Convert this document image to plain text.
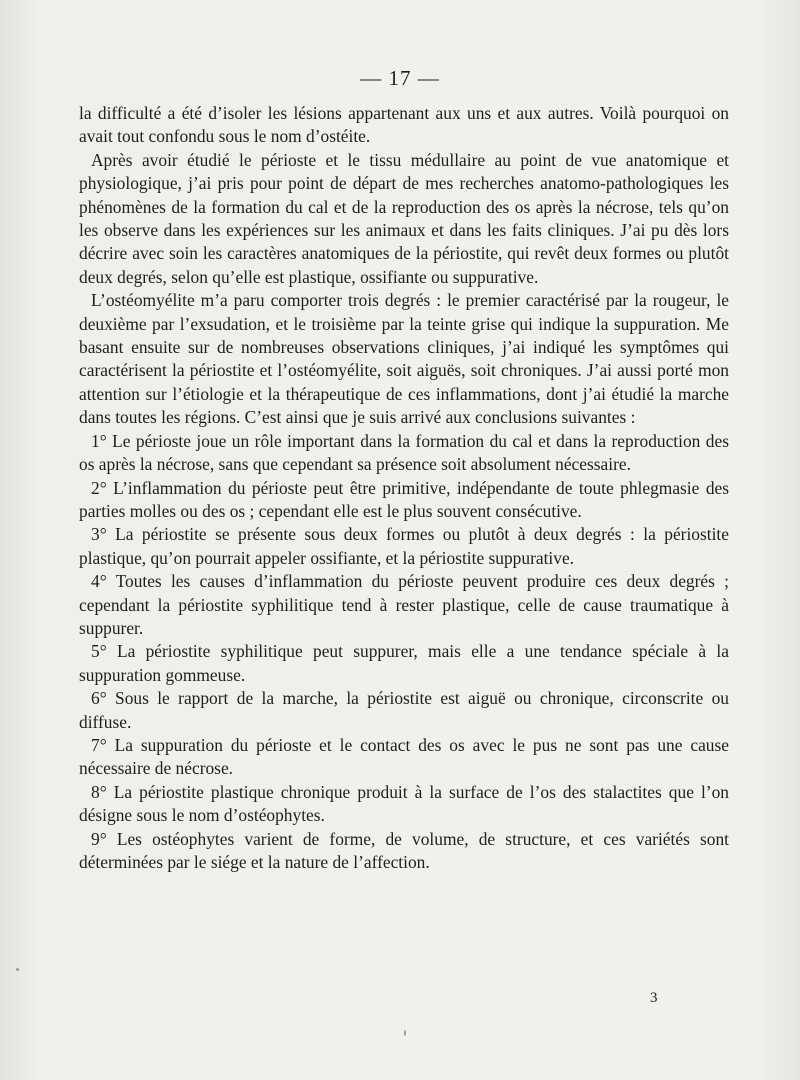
— 17 —

la difficulté a été d’isoler les lésions appartenant aux uns et aux autres. Voilà pourquoi on avait tout confondu sous le nom d’ostéite.

Après avoir étudié le périoste et le tissu médullaire au point de vue anatomique et physiologique, j’ai pris pour point de départ de mes recherches anatomo-pathologiques les phénomènes de la formation du cal et de la reproduction des os après la nécrose, tels qu’on les observe dans les expériences sur les animaux et dans les faits cliniques. J’ai pu dès lors décrire avec soin les caractères anatomiques de la périostite, qui revêt deux formes ou plutôt deux degrés, selon qu’elle est plastique, ossifiante ou suppurative.

L’ostéomyélite m’a paru comporter trois degrés : le premier caractérisé par la rougeur, le deuxième par l’exsudation, et le troisième par la teinte grise qui indique la suppuration. Me basant ensuite sur de nombreuses observations cliniques, j’ai indiqué les symptômes qui caractérisent la périostite et l’ostéomyélite, soit aiguës, soit chroniques. J’ai aussi porté mon attention sur l’étiologie et la thérapeutique de ces inflammations, dont j’ai étudié la marche dans toutes les régions. C’est ainsi que je suis arrivé aux conclusions suivantes :

1° Le périoste joue un rôle important dans la formation du cal et dans la reproduction des os après la nécrose, sans que cependant sa présence soit absolument nécessaire.

2° L’inflammation du périoste peut être primitive, indépendante de toute phlegmasie des parties molles ou des os ; cependant elle est le plus souvent consécutive.

3° La périostite se présente sous deux formes ou plutôt à deux degrés : la périostite plastique, qu’on pourrait appeler ossifiante, et la périostite suppurative.

4° Toutes les causes d’inflammation du périoste peuvent produire ces deux degrés ; cependant la périostite syphilitique tend à rester plastique, celle de cause traumatique à suppurer.

5° La périostite syphilitique peut suppurer, mais elle a une tendance spéciale à la suppuration gommeuse.

6° Sous le rapport de la marche, la périostite est aiguë ou chronique, circonscrite ou diffuse.

7° La suppuration du périoste et le contact des os avec le pus ne sont pas une cause nécessaire de nécrose.

8° La périostite plastique chronique produit à la surface de l’os des stalactites que l’on désigne sous le nom d’ostéophytes.

9° Les ostéophytes varient de forme, de volume, de structure, et ces variétés sont déterminées par le siége et la nature de l’affection.

3
